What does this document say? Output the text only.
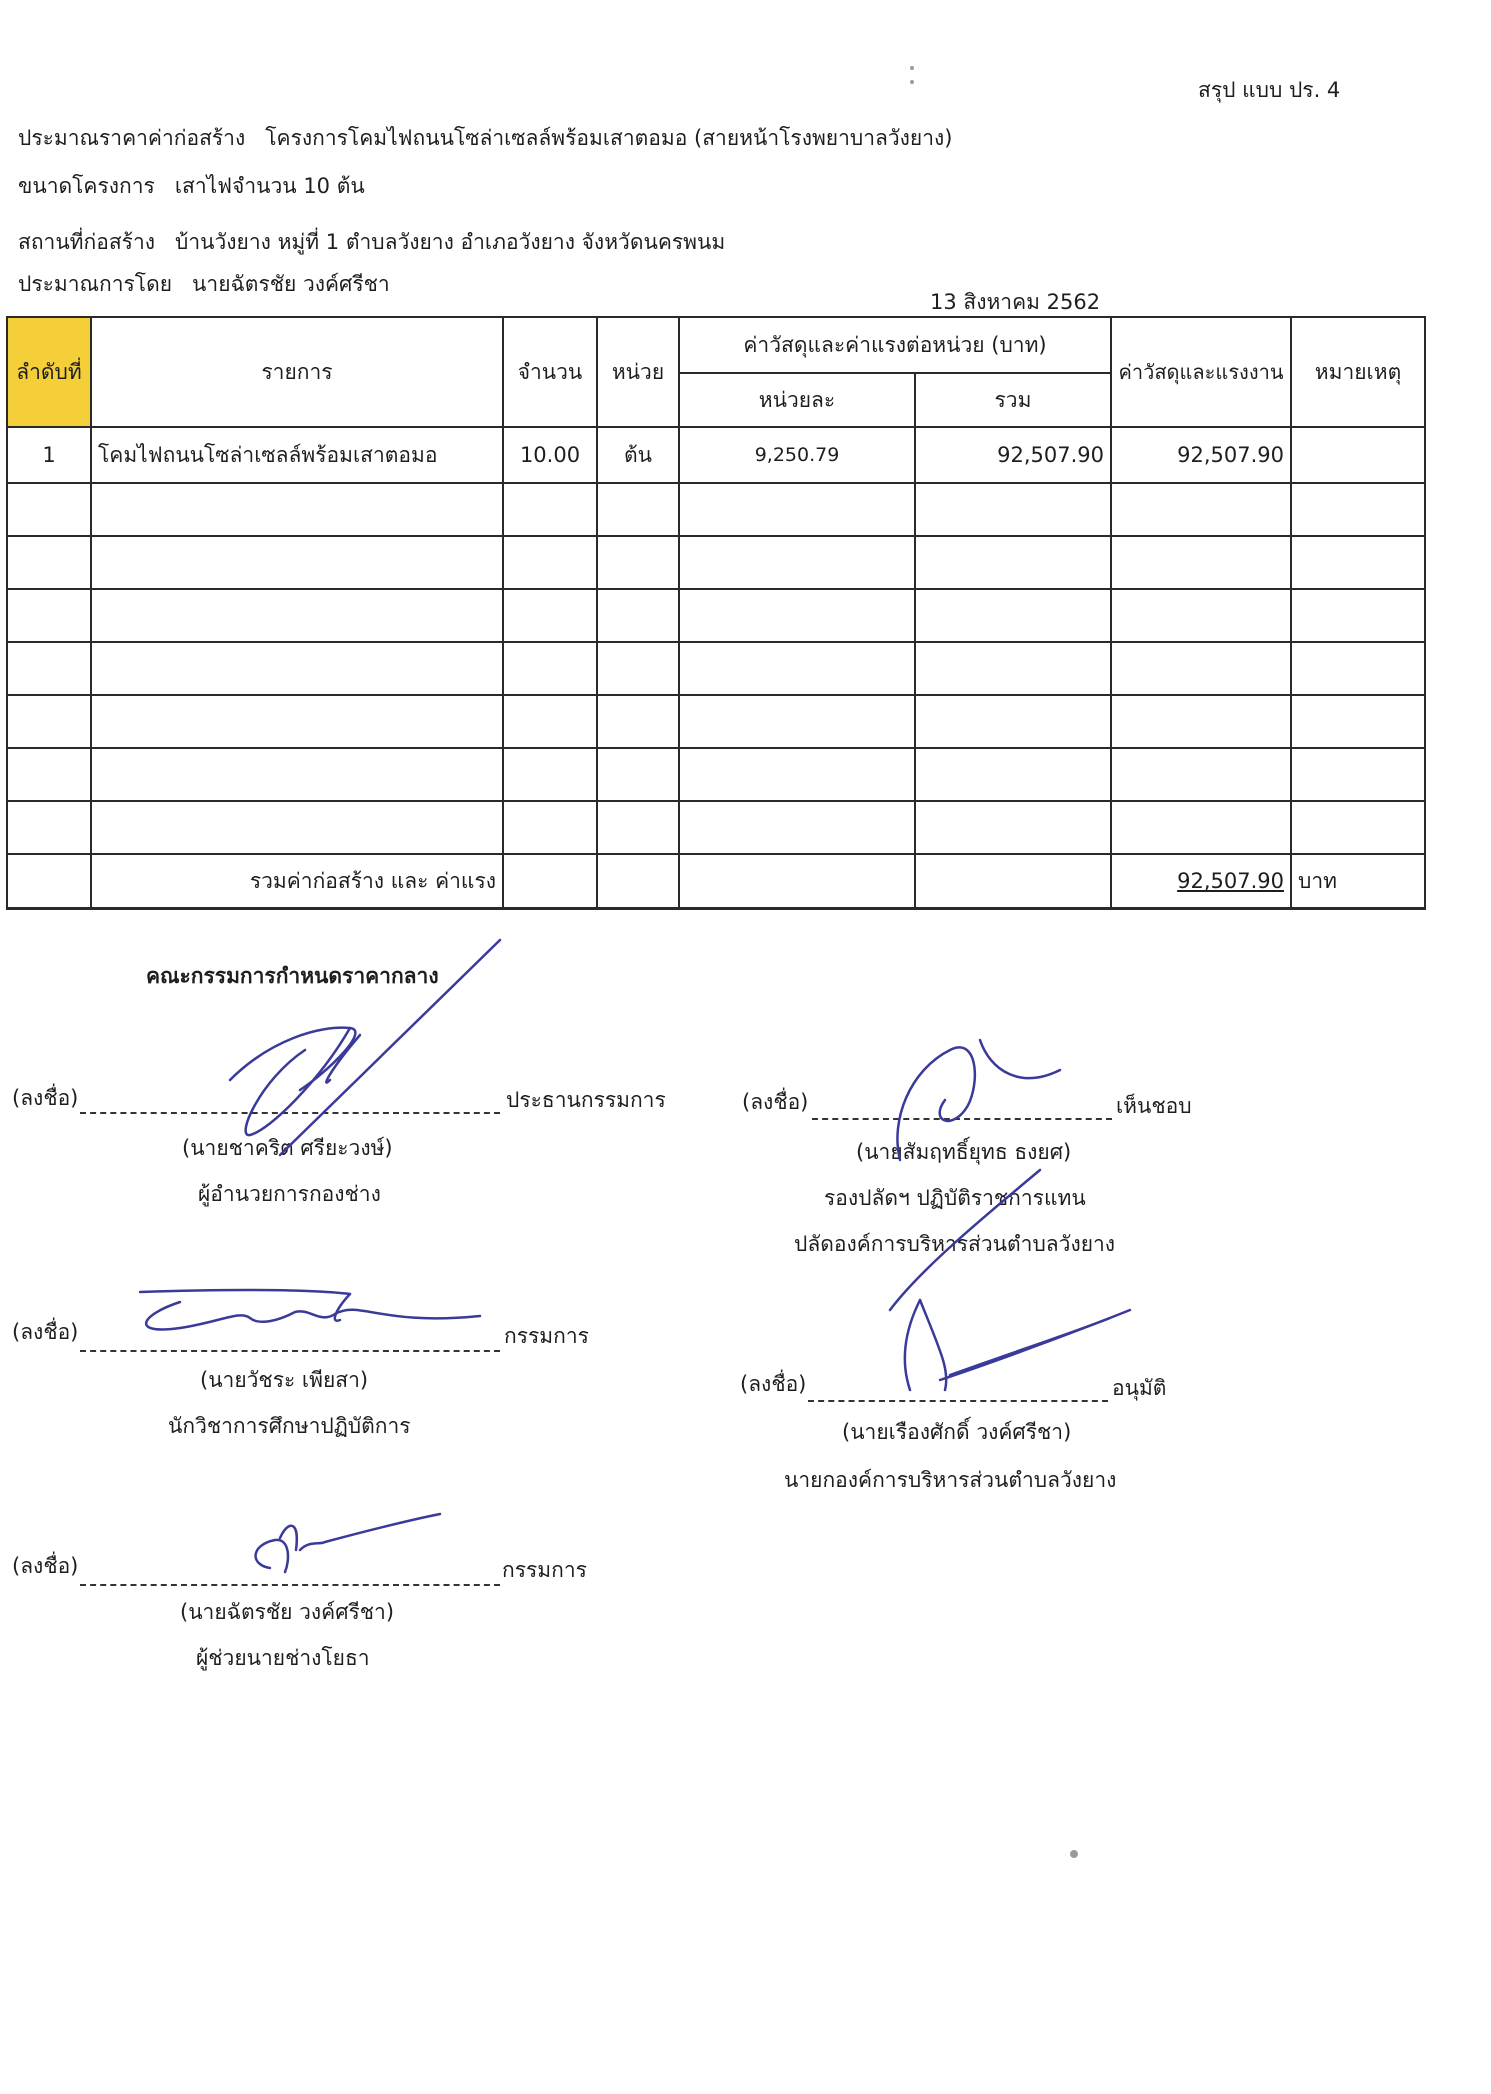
สรุป แบบ ปร. 4
ประมาณราคาค่าก่อสร้าง โครงการโคมไฟถนนโซล่าเซลล์พร้อมเสาตอมอ (สายหน้าโรงพยาบาลวังยาง)
ขนาดโครงการ เสาไฟจำนวน 10 ต้น
สถานที่ก่อสร้าง บ้านวังยาง หมู่ที่ 1 ตำบลวังยาง อำเภอวังยาง จังหวัดนครพนม
ประมาณการโดย นายฉัตรชัย วงค์ศรีชา
13 สิงหาคม 2562
ลำดับที่	รายการ	จำนวน	หน่วย	ค่าวัสดุและค่าแรงต่อหน่วย (บาท)		ค่าวัสดุและแรงงาน	หมายเหตุ
				หน่วยละ	รวม		
1	โคมไฟถนนโซล่าเซลล์พร้อมเสาตอมอ	10.00	ต้น	9,250.79	92,507.90	92,507.90	

	รวมค่าก่อสร้าง และ ค่าแรง					92,507.90	บาท
คณะกรรมการกำหนดราคากลาง
(ลงชื่อ)	ประธานกรรมการ
(นายชาคริต ศรียะวงษ์)
ผู้อำนวยการกองช่าง
(ลงชื่อ)	กรรมการ
(นายวัชระ เพียสา)
นักวิชาการศึกษาปฏิบัติการ
(ลงชื่อ)	กรรมการ
(นายฉัตรชัย วงค์ศรีชา)
ผู้ช่วยนายช่างโยธา
(ลงชื่อ)	เห็นชอบ
(นายสัมฤทธิ์ยุทธ ธงยศ)
รองปลัดฯ ปฏิบัติราชการแทน
ปลัดองค์การบริหารส่วนตำบลวังยาง
(ลงชื่อ)	อนุมัติ
(นายเรืองศักดิ์ วงค์ศรีชา)
นายกองค์การบริหารส่วนตำบลวังยาง
